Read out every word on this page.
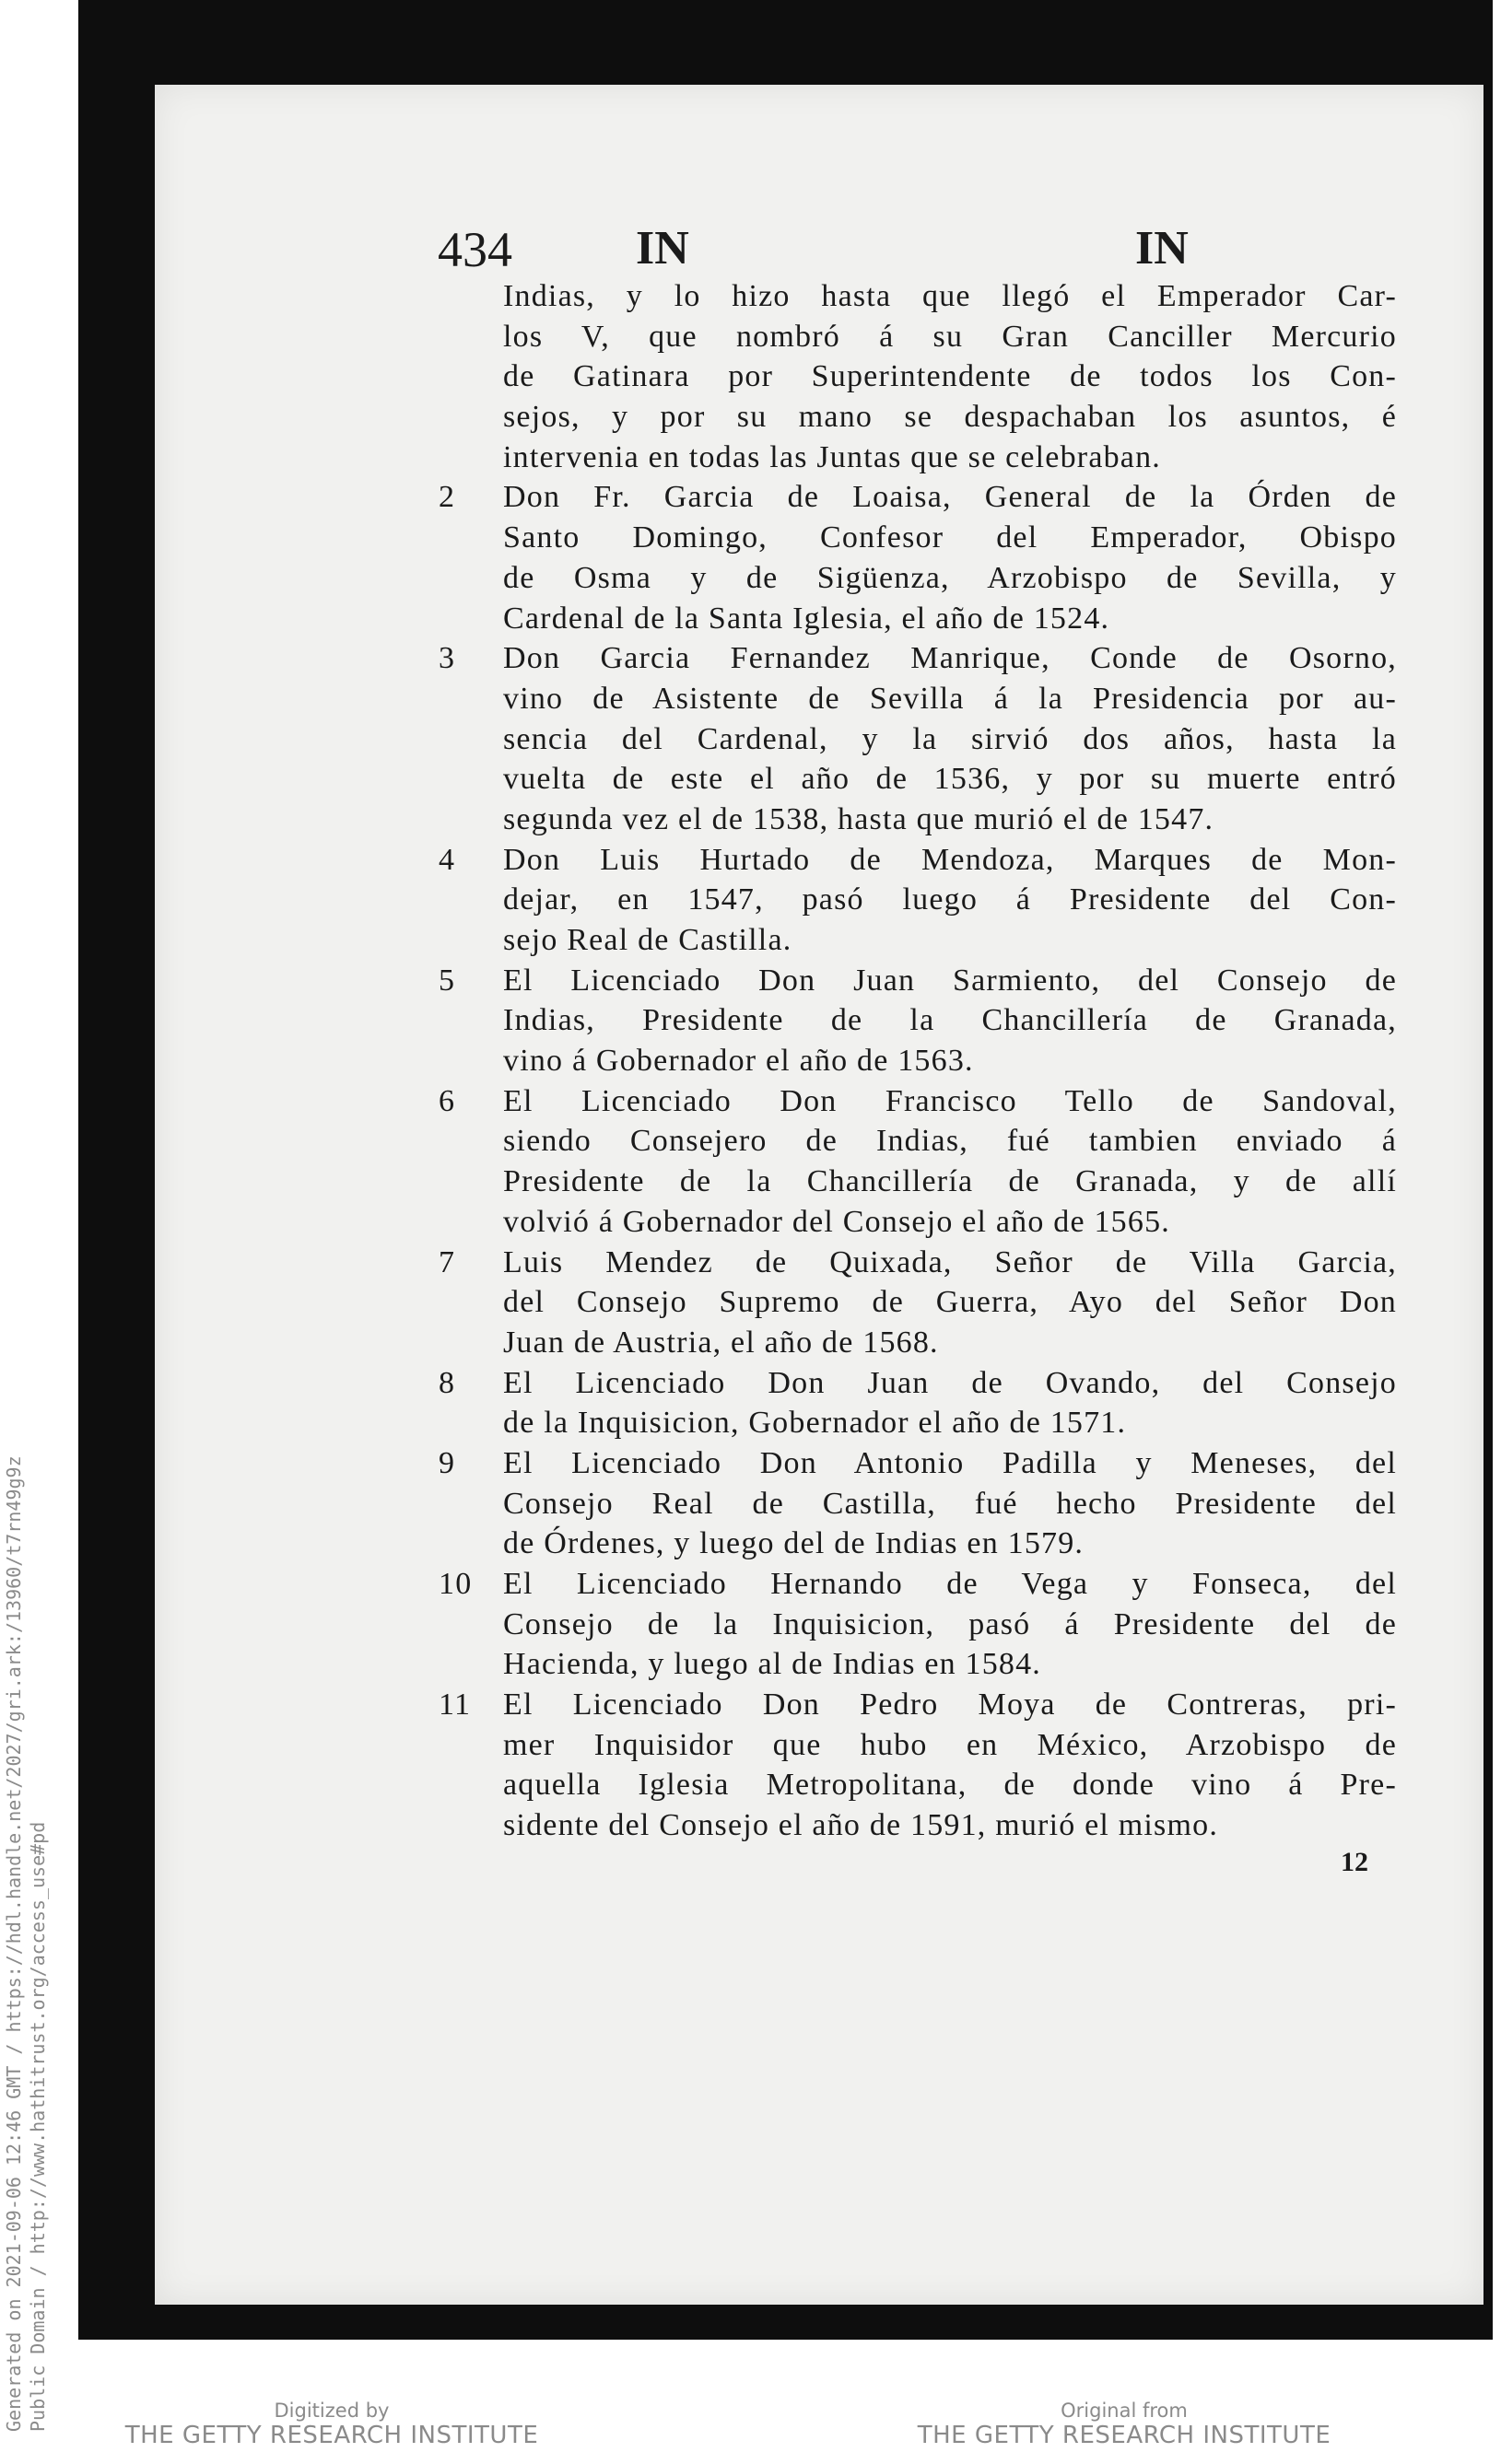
434	IN	IN
Indias, y lo hizo hasta que llegó el Emperador Car-
los V, que nombró á su Gran Canciller Mercurio
de Gatinara por Superintendente de todos los Con-
sejos, y por su mano se despachaban los asuntos, é
intervenia en todas las Juntas que se celebraban.
2	Don Fr. Garcia de Loaisa, General de la Órden de
Santo Domingo, Confesor del Emperador, Obispo
de Osma y de Sigüenza, Arzobispo de Sevilla, y
Cardenal de la Santa Iglesia, el año de 1524.
3	Don Garcia Fernandez Manrique, Conde de Osorno,
vino de Asistente de Sevilla á la Presidencia por au-
sencia del Cardenal, y la sirvió dos años, hasta la
vuelta de este el año de 1536, y por su muerte entró
segunda vez el de 1538, hasta que murió el de 1547.
4	Don Luis Hurtado de Mendoza, Marques de Mon-
dejar, en 1547, pasó luego á Presidente del Con-
sejo Real de Castilla.
5	El Licenciado Don Juan Sarmiento, del Consejo de
Indias, Presidente de la Chancillería de Granada,
vino á Gobernador el año de 1563.
6	El Licenciado Don Francisco Tello de Sandoval,
siendo Consejero de Indias, fué tambien enviado á
Presidente de la Chancillería de Granada, y de allí
volvió á Gobernador del Consejo el año de 1565.
7	Luis Mendez de Quixada, Señor de Villa Garcia,
del Consejo Supremo de Guerra, Ayo del Señor Don
Juan de Austria, el año de 1568.
8	El Licenciado Don Juan de Ovando, del Consejo
de la Inquisicion, Gobernador el año de 1571.
9	El Licenciado Don Antonio Padilla y Meneses, del
Consejo Real de Castilla, fué hecho Presidente del
de Órdenes, y luego del de Indias en 1579.
10 El Licenciado Hernando de Vega y Fonseca, del
Consejo de la Inquisicion, pasó á Presidente del de
Hacienda, y luego al de Indias en 1584.
11	El Licenciado Don Pedro Moya de Contreras, pri-
mer Inquisidor que hubo en México, Arzobispo de
aquella Iglesia Metropolitana, de donde vino á Pre-
sidente del Consejo el año de 1591, murió el mismo.
12
Generated on 2021-09-06 12:46 GMT / https://hdl.handle.net/2027/gri.ark:/13960/t7rn49g9z Public Domain / http://www.hathitrust.org/access_use#pd	Digitized by
THE GETTY RESEARCH INSTITUTE
Original from
THE GETTY RESEARCH INSTITUTE
